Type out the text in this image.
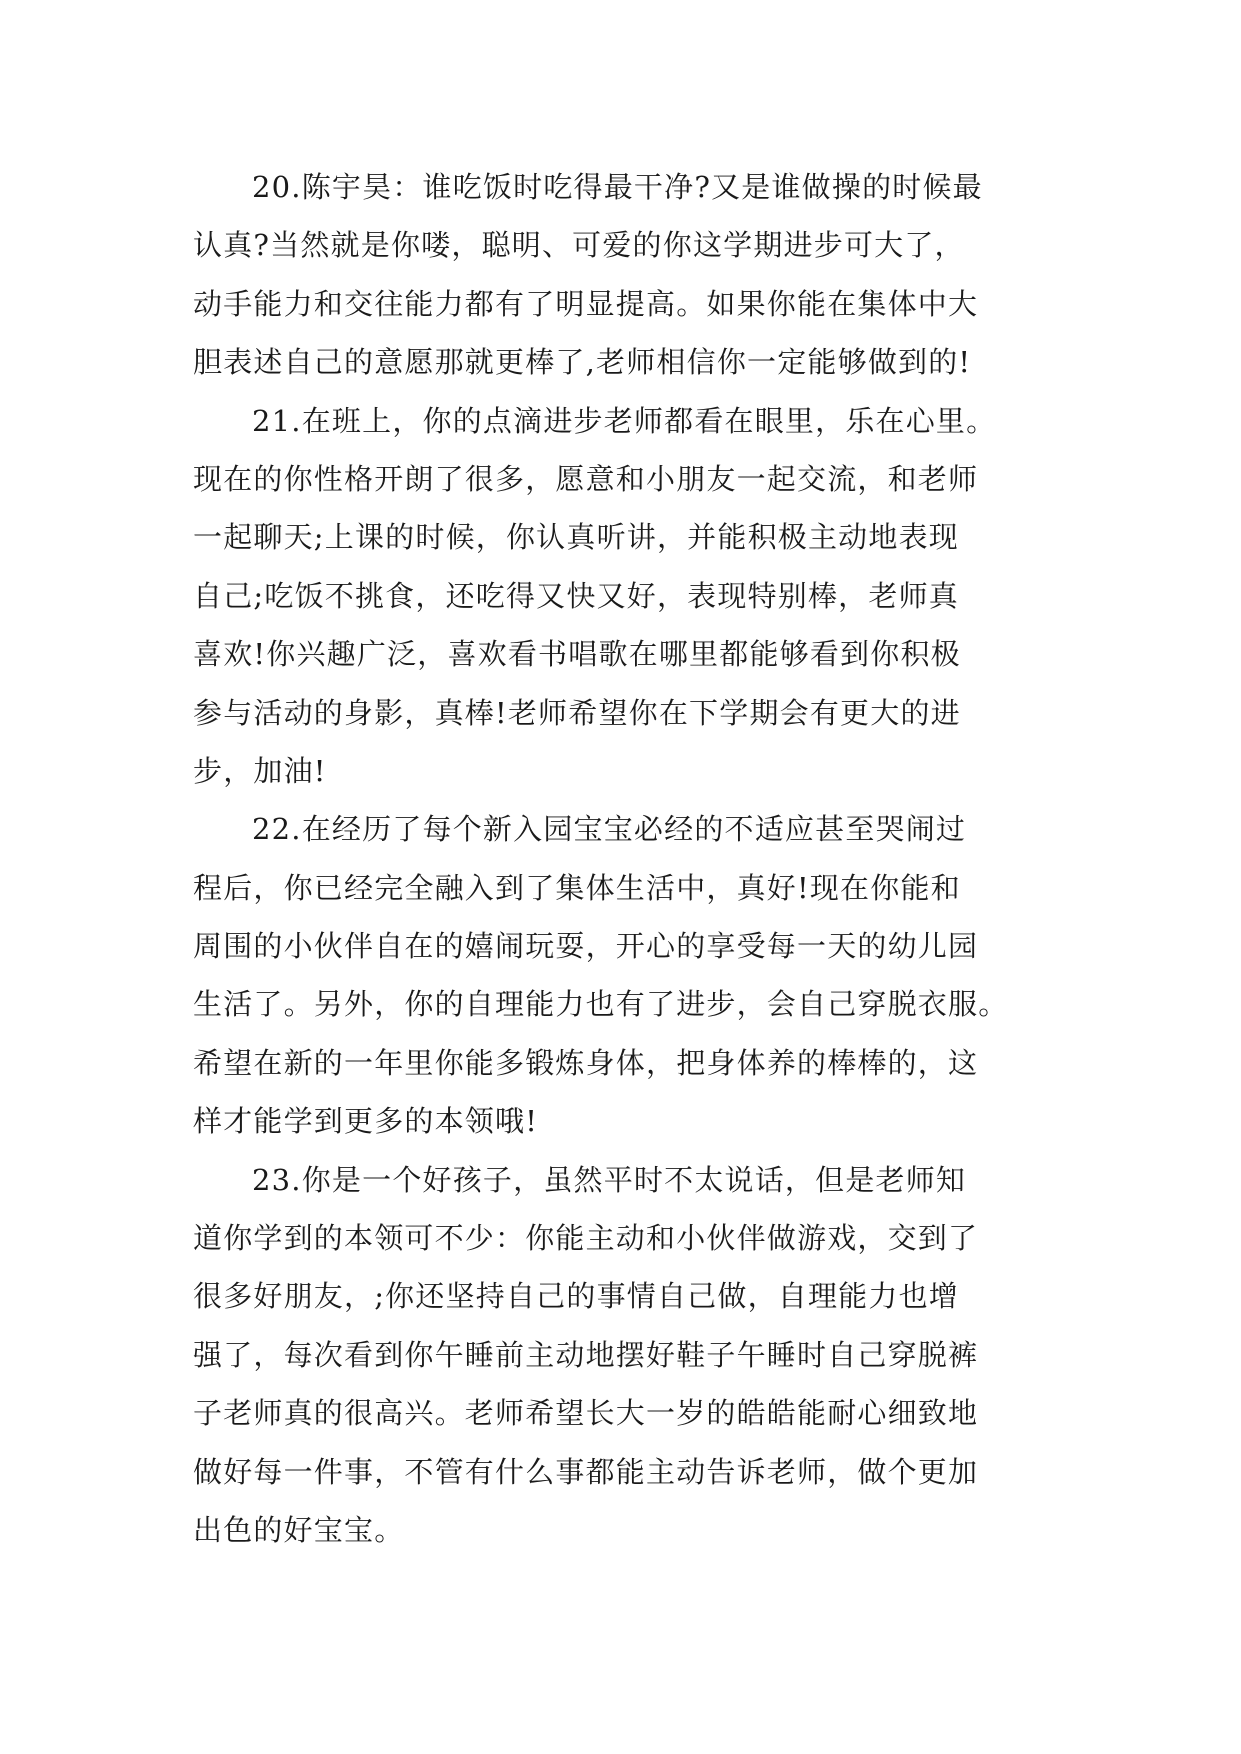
20.陈宇昊：谁吃饭时吃得最干净?又是谁做操的时候最
认真?当然就是你喽，聪明、可爱的你这学期进步可大了，
动手能力和交往能力都有了明显提高。如果你能在集体中大
胆表述自己的意愿那就更棒了,老师相信你一定能够做到的!
21.在班上，你的点滴进步老师都看在眼里，乐在心里。
现在的你性格开朗了很多，愿意和小朋友一起交流，和老师
一起聊天;上课的时候，你认真听讲，并能积极主动地表现
自己;吃饭不挑食，还吃得又快又好，表现特别棒，老师真
喜欢!你兴趣广泛，喜欢看书唱歌在哪里都能够看到你积极
参与活动的身影，真棒!老师希望你在下学期会有更大的进
步，加油!
22.在经历了每个新入园宝宝必经的不适应甚至哭闹过
程后，你已经完全融入到了集体生活中，真好!现在你能和
周围的小伙伴自在的嬉闹玩耍，开心的享受每一天的幼儿园
生活了。另外，你的自理能力也有了进步，会自己穿脱衣服。
希望在新的一年里你能多锻炼身体，把身体养的棒棒的，这
样才能学到更多的本领哦!
23.你是一个好孩子，虽然平时不太说话，但是老师知
道你学到的本领可不少：你能主动和小伙伴做游戏，交到了
很多好朋友，;你还坚持自己的事情自己做，自理能力也增
强了，每次看到你午睡前主动地摆好鞋子午睡时自己穿脱裤
子老师真的很高兴。老师希望长大一岁的皓皓能耐心细致地
做好每一件事，不管有什么事都能主动告诉老师，做个更加
出色的好宝宝。
